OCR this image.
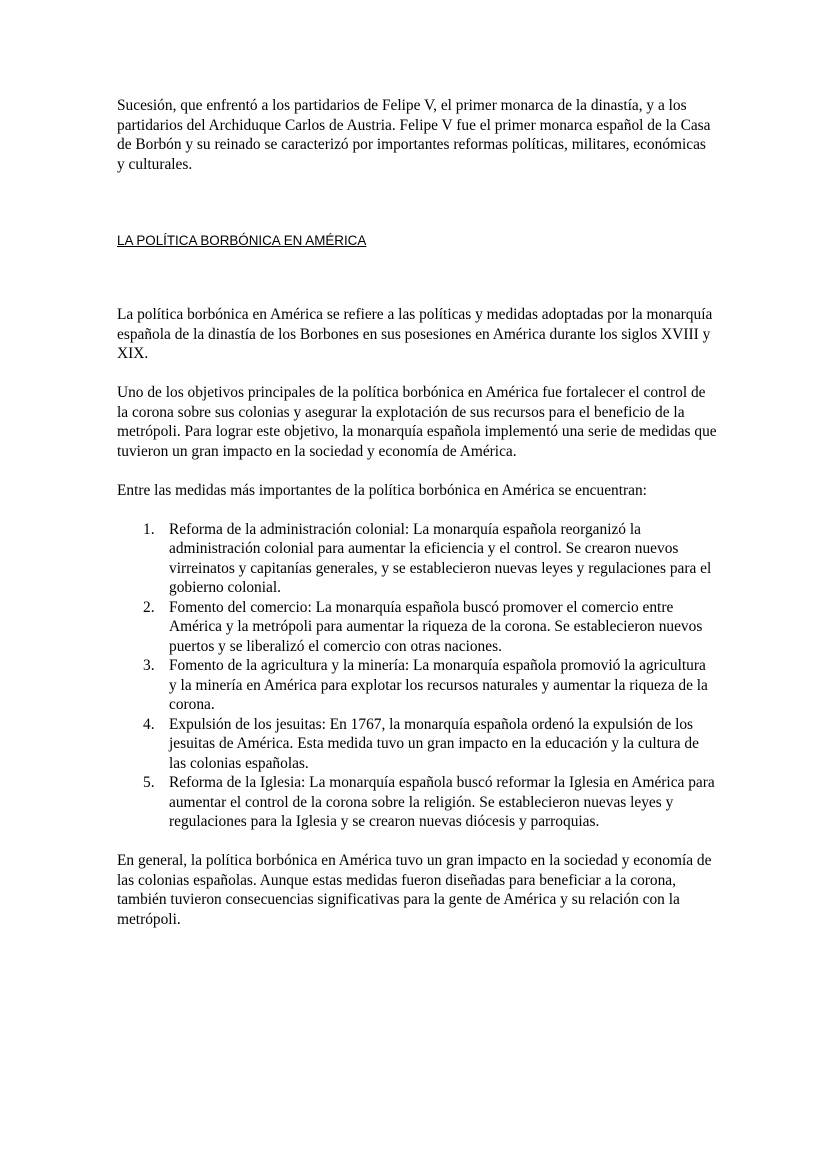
Sucesión, que enfrentó a los partidarios de Felipe V, el primer monarca de la dinastía, y a los partidarios del Archiduque Carlos de Austria. Felipe V fue el primer monarca español de la Casa de Borbón y su reinado se caracterizó por importantes reformas políticas, militares, económicas y culturales.

LA POLÍTICA BORBÓNICA EN AMÉRICA

La política borbónica en América se refiere a las políticas y medidas adoptadas por la monarquía española de la dinastía de los Borbones en sus posesiones en América durante los siglos XVIII y XIX.

Uno de los objetivos principales de la política borbónica en América fue fortalecer el control de la corona sobre sus colonias y asegurar la explotación de sus recursos para el beneficio de la metrópoli. Para lograr este objetivo, la monarquía española implementó una serie de medidas que tuvieron un gran impacto en la sociedad y economía de América.

Entre las medidas más importantes de la política borbónica en América se encuentran:

1. Reforma de la administración colonial: La monarquía española reorganizó la administración colonial para aumentar la eficiencia y el control. Se crearon nuevos virreinatos y capitanías generales, y se establecieron nuevas leyes y regulaciones para el gobierno colonial.
2. Fomento del comercio: La monarquía española buscó promover el comercio entre América y la metrópoli para aumentar la riqueza de la corona. Se establecieron nuevos puertos y se liberalizó el comercio con otras naciones.
3. Fomento de la agricultura y la minería: La monarquía española promovió la agricultura y la minería en América para explotar los recursos naturales y aumentar la riqueza de la corona.
4. Expulsión de los jesuitas: En 1767, la monarquía española ordenó la expulsión de los jesuitas de América. Esta medida tuvo un gran impacto en la educación y la cultura de las colonias españolas.
5. Reforma de la Iglesia: La monarquía española buscó reformar la Iglesia en América para aumentar el control de la corona sobre la religión. Se establecieron nuevas leyes y regulaciones para la Iglesia y se crearon nuevas diócesis y parroquias.

En general, la política borbónica en América tuvo un gran impacto en la sociedad y economía de las colonias españolas. Aunque estas medidas fueron diseñadas para beneficiar a la corona, también tuvieron consecuencias significativas para la gente de América y su relación con la metrópoli.
